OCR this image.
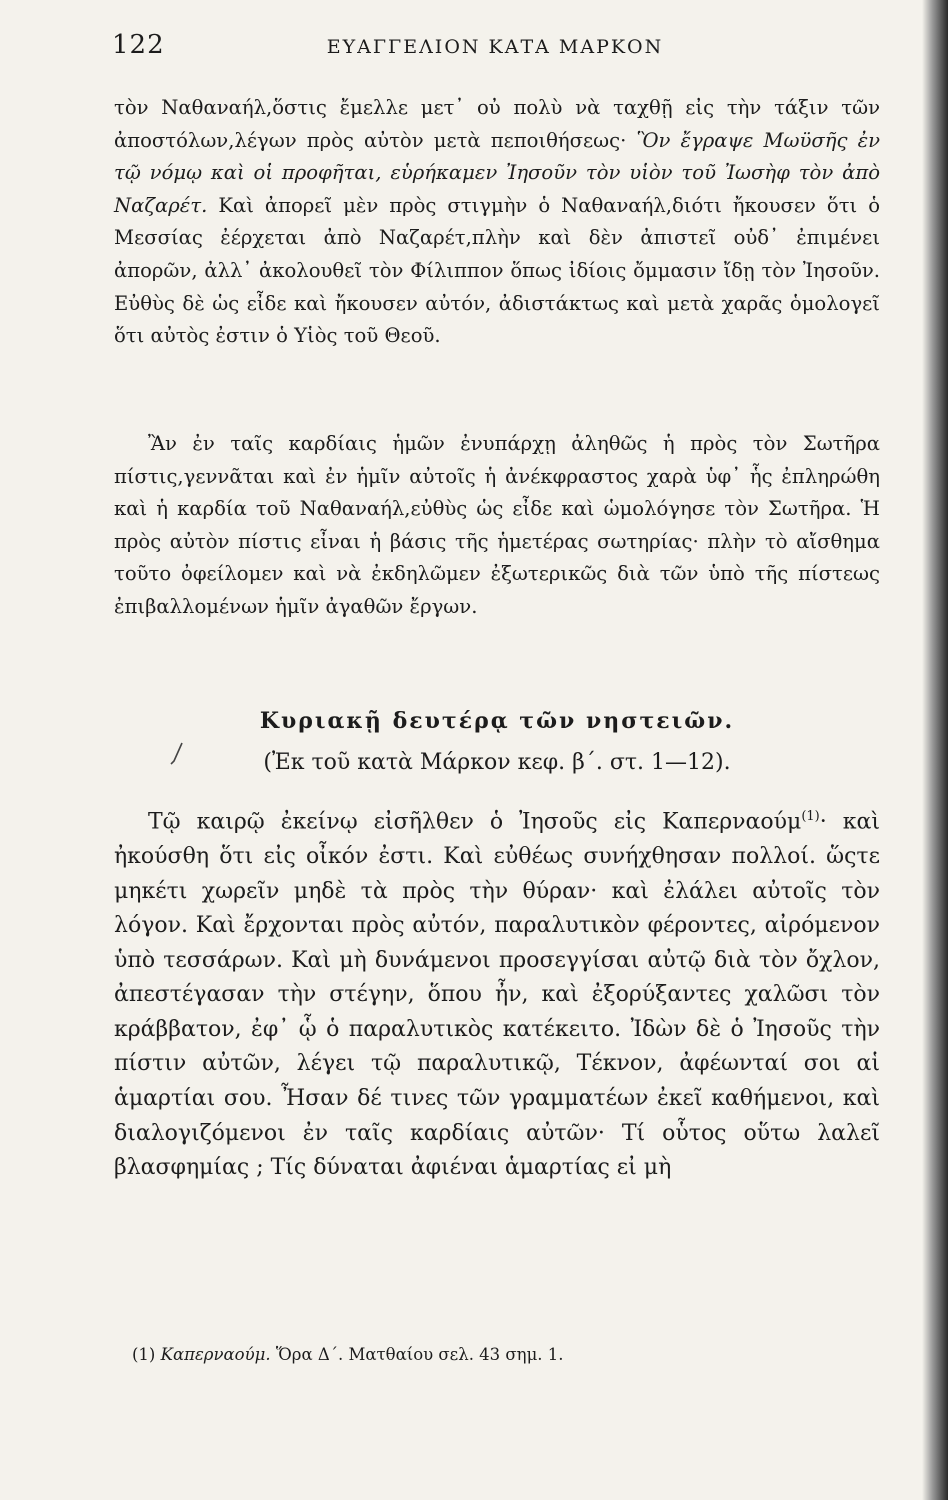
122	ΕΥΑΓΓΕΛΙΟΝ ΚΑΤΑ ΜΑΡΚΟΝ

τὸν Ναθαναήλ,ὅστις ἔμελλε μετ᾽ οὐ πολὺ νὰ ταχθῇ εἰς τὴν τάξιν τῶν ἀποστόλων,λέγων πρὸς αὐτὸν μετὰ πεποιθήσεως· Ὃν ἔγραψε Μωϋσῆς ἐν τῷ νόμῳ καὶ οἱ προφῆται, εὑρήκαμεν Ἰησοῦν τὸν υἱὸν τοῦ Ἰωσὴφ τὸν ἀπὸ Ναζαρέτ. Καὶ ἀπορεῖ μὲν πρὸς στιγμὴν ὁ Ναθαναήλ,διότι ἤκουσεν ὅτι ὁ Μεσσίας ἐέρχεται ἀπὸ Ναζαρέτ,πλὴν καὶ δὲν ἀπιστεῖ οὐδ᾽ ἐπιμένει ἀπορῶν, ἀλλ᾽ ἀκολουθεῖ τὸν Φίλιππον ὅπως ἰδίοις ὄμμασιν ἴδῃ τὸν Ἰησοῦν. Εὐθὺς δὲ ὡς εἶδε καὶ ἤκουσεν αὐτόν, ἀδιστάκτως καὶ μετὰ χαρᾶς ὁμολογεῖ ὅτι αὐτὸς ἐστιν ὁ Υἱὸς τοῦ Θεοῦ.

Ἂν ἐν ταῖς καρδίαις ἡμῶν ἐνυπάρχῃ ἀληθῶς ἡ πρὸς τὸν Σωτῆρα πίστις,γεννᾶται καὶ ἐν ἡμῖν αὐτοῖς ἡ ἀνέκφραστος χαρὰ ὑφ᾽ ἧς ἐπληρώθη καὶ ἡ καρδία τοῦ Ναθαναήλ,εὐθὺς ὡς εἶδε καὶ ὡμολόγησε τὸν Σωτῆρα. Ἡ πρὸς αὐτὸν πίστις εἶναι ἡ βάσις τῆς ἡμετέρας σωτηρίας· πλὴν τὸ αἴσθημα τοῦτο ὀφείλομεν καὶ νὰ ἐκδηλῶμεν ἐξωτερικῶς διὰ τῶν ὑπὸ τῆς πίστεως ἐπιβαλλομένων ἡμῖν ἀγαθῶν ἔργων.

Κυριακῇ δευτέρᾳ τῶν νηστειῶν.
(Ἐκ τοῦ κατὰ Μάρκον κεφ. β΄. στ. 1—12).

Τῷ καιρῷ ἐκείνῳ εἰσῆλθεν ὁ Ἰησοῦς εἰς Καπερναούμ$^{(1)}$· καὶ ἠκούσθη ὅτι εἰς οἶκόν ἐστι. Καὶ εὐθέως συνήχθησαν πολλοί. ὥςτε μηκέτι χωρεῖν μηδὲ τὰ πρὸς τὴν θύραν· καὶ ἐλάλει αὐτοῖς τὸν λόγον. Καὶ ἔρχονται πρὸς αὐτόν, παραλυτικὸν φέροντες, αἰρόμενον ὑπὸ τεσσάρων. Καὶ μὴ δυνάμενοι προσεγγίσαι αὐτῷ διὰ τὸν ὄχλον, ἀπεστέγασαν τὴν στέγην, ὅπου ἦν, καὶ ἐξορύξαντες χαλῶσι τὸν κράββατον, ἐφ᾽ ᾧ ὁ παραλυτικὸς κατέκειτο. Ἰδὼν δὲ ὁ Ἰησοῦς τὴν πίστιν αὐτῶν, λέγει τῷ παραλυτικῷ, Τέκνον, ἀφέωνταί σοι αἱ ἁμαρτίαι σου. Ἦσαν δέ τινες τῶν γραμματέων ἐκεῖ καθήμενοι, καὶ διαλογιζόμενοι ἐν ταῖς καρδίαις αὐτῶν· Τί οὗτος οὕτω λαλεῖ βλασφημίας ; Τίς δύναται ἀφιέναι ἁμαρτίας εἰ μὴ

(1) Καπερναούμ. Ὅρα Δ΄. Ματθαίου σελ. 43 σημ. 1.
